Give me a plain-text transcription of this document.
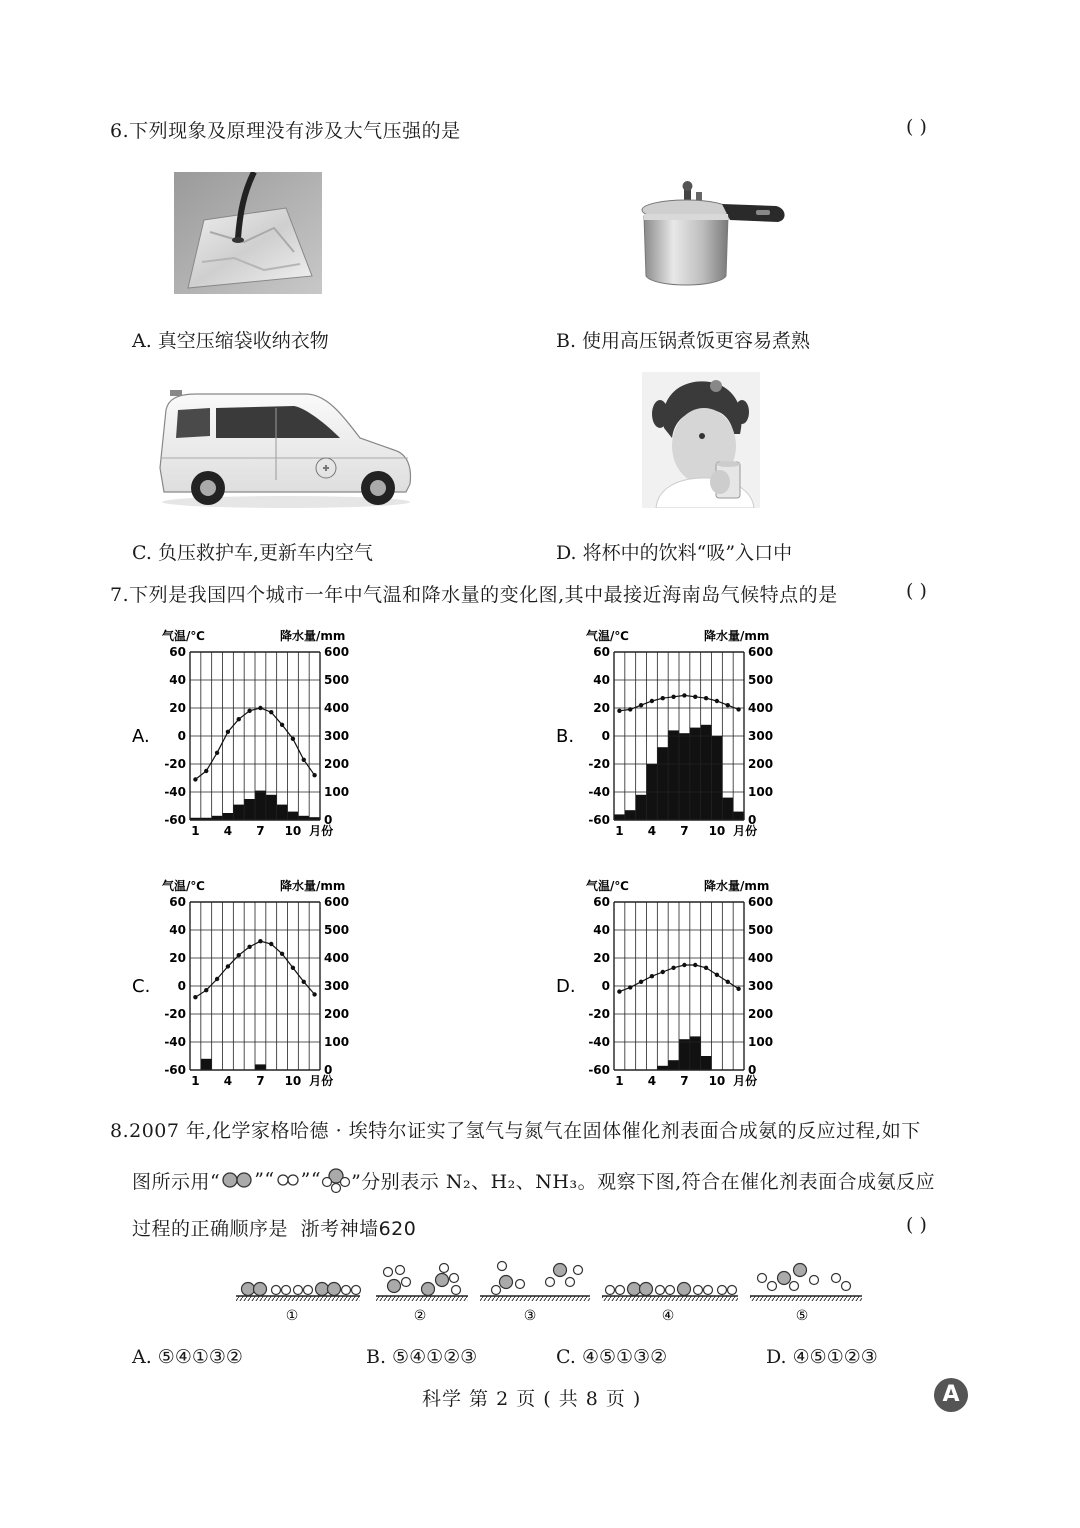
6.下列现象及原理没有涉及大气压强的是	( )
A. 真空压缩袋收纳衣物	B. 使用高压锅煮饭更容易煮熟
C. 负压救护车,更新车内空气	D. 将杯中的饮料“吸”入口中
7.下列是我国四个城市一年中气温和降水量的变化图,其中最接近海南岛气候特点的是	( )
A.
气温/℃	降水量/mm
60	600
40	500
20	400
0	300
-20	200
-40	100
-60	0
1 4 7 10 月份
B.
气温/℃	降水量/mm
60	600
40	500
20	400
0	300
-20	200
-40	100
-60	0
1 4 7 10 月份
C.
气温/℃	降水量/mm
60	600
40	500
20	400
0	300
-20	200
-40	100
-60	0
1 4 7 10 月份
D.
气温/℃	降水量/mm
60	600
40	500
20	400
0	300
-20	200
-40	100
-60	0
1 4 7 10 月份
8.2007 年,化学家格哈德 · 埃特尔证实了氢气与氮气在固体催化剂表面合成氨的反应过程,如下
图所示用“ ”“ ”“ ”分别表示 N₂、H₂、NH₃。观察下图,符合在催化剂表面合成氨反应
过程的正确顺序是 浙考神墙620	( )
①	②	③	④	⑤
A. ⑤④①③②	B. ⑤④①②③	C. ④⑤①③②	D. ④⑤①②③
科学 第 2 页 ( 共 8 页 )	A
